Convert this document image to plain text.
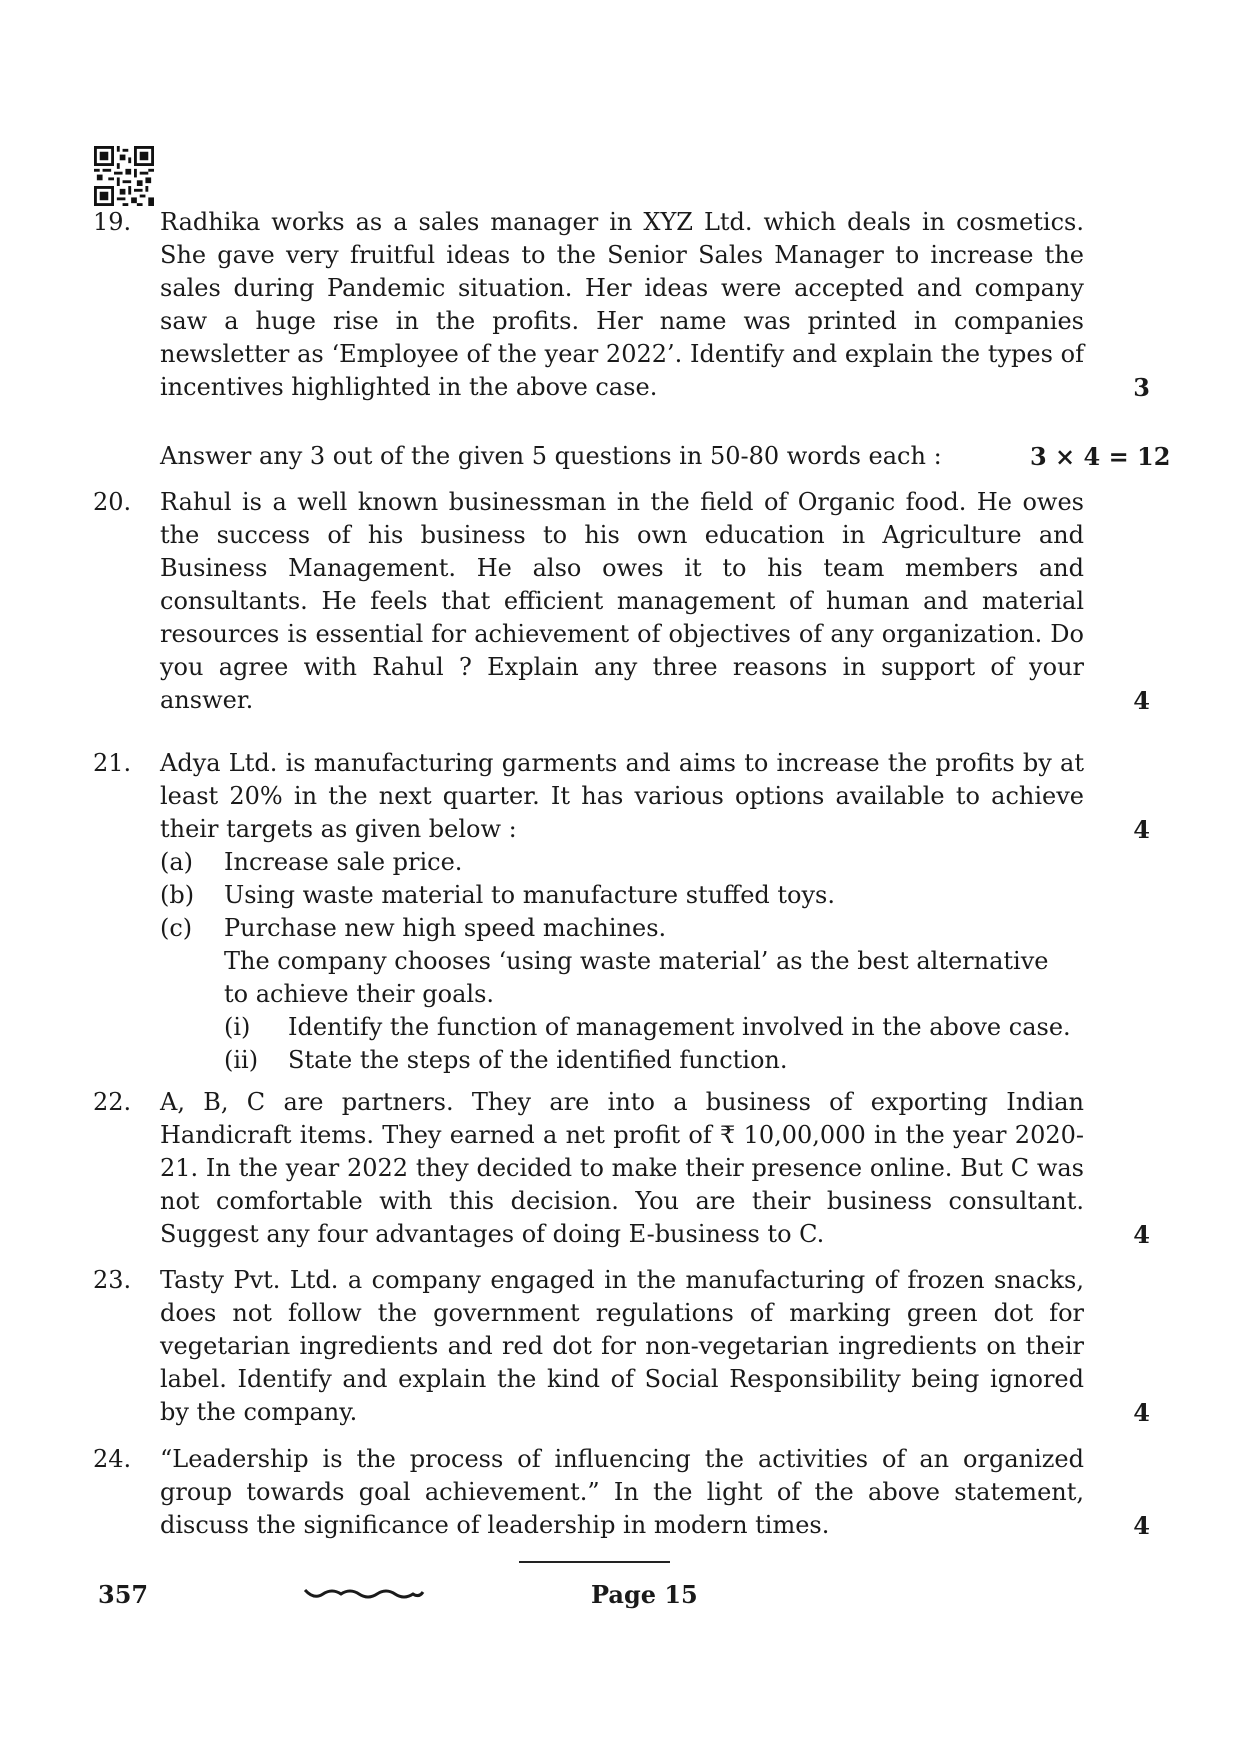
19. Radhika works as a sales manager in XYZ Ltd. which deals in cosmetics. She gave very fruitful ideas to the Senior Sales Manager to increase the sales during Pandemic situation. Her ideas were accepted and company saw a huge rise in the profits. Her name was printed in companies newsletter as ‘Employee of the year 2022’. Identify and explain the types of incentives highlighted in the above case.	3
Answer any 3 out of the given 5 questions in 50-80 words each :	3 × 4 = 12
20. Rahul is a well known businessman in the field of Organic food. He owes the success of his business to his own education in Agriculture and Business Management. He also owes it to his team members and consultants. He feels that efficient management of human and material resources is essential for achievement of objectives of any organization. Do you agree with Rahul ? Explain any three reasons in support of your answer.	4
21. Adya Ltd. is manufacturing garments and aims to increase the profits by at least 20% in the next quarter. It has various options available to achieve their targets as given below :	4
(a) Increase sale price.
(b) Using waste material to manufacture stuffed toys.
(c) Purchase new high speed machines.
The company chooses ‘using waste material’ as the best alternative
to achieve their goals.
(i) Identify the function of management involved in the above case.
(ii) State the steps of the identified function.
22. A, B, C are partners. They are into a business of exporting Indian Handicraft items. They earned a net profit of ₹ 10,00,000 in the year 2020-21. In the year 2022 they decided to make their presence online. But C was not comfortable with this decision. You are their business consultant. Suggest any four advantages of doing E-business to C.	4
23. Tasty Pvt. Ltd. a company engaged in the manufacturing of frozen snacks, does not follow the government regulations of marking green dot for vegetarian ingredients and red dot for non-vegetarian ingredients on their label. Identify and explain the kind of Social Responsibility being ignored by the company.	4
24. “Leadership is the process of influencing the activities of an organized group towards goal achievement.” In the light of the above statement, discuss the significance of leadership in modern times.	4
357	Page 15
